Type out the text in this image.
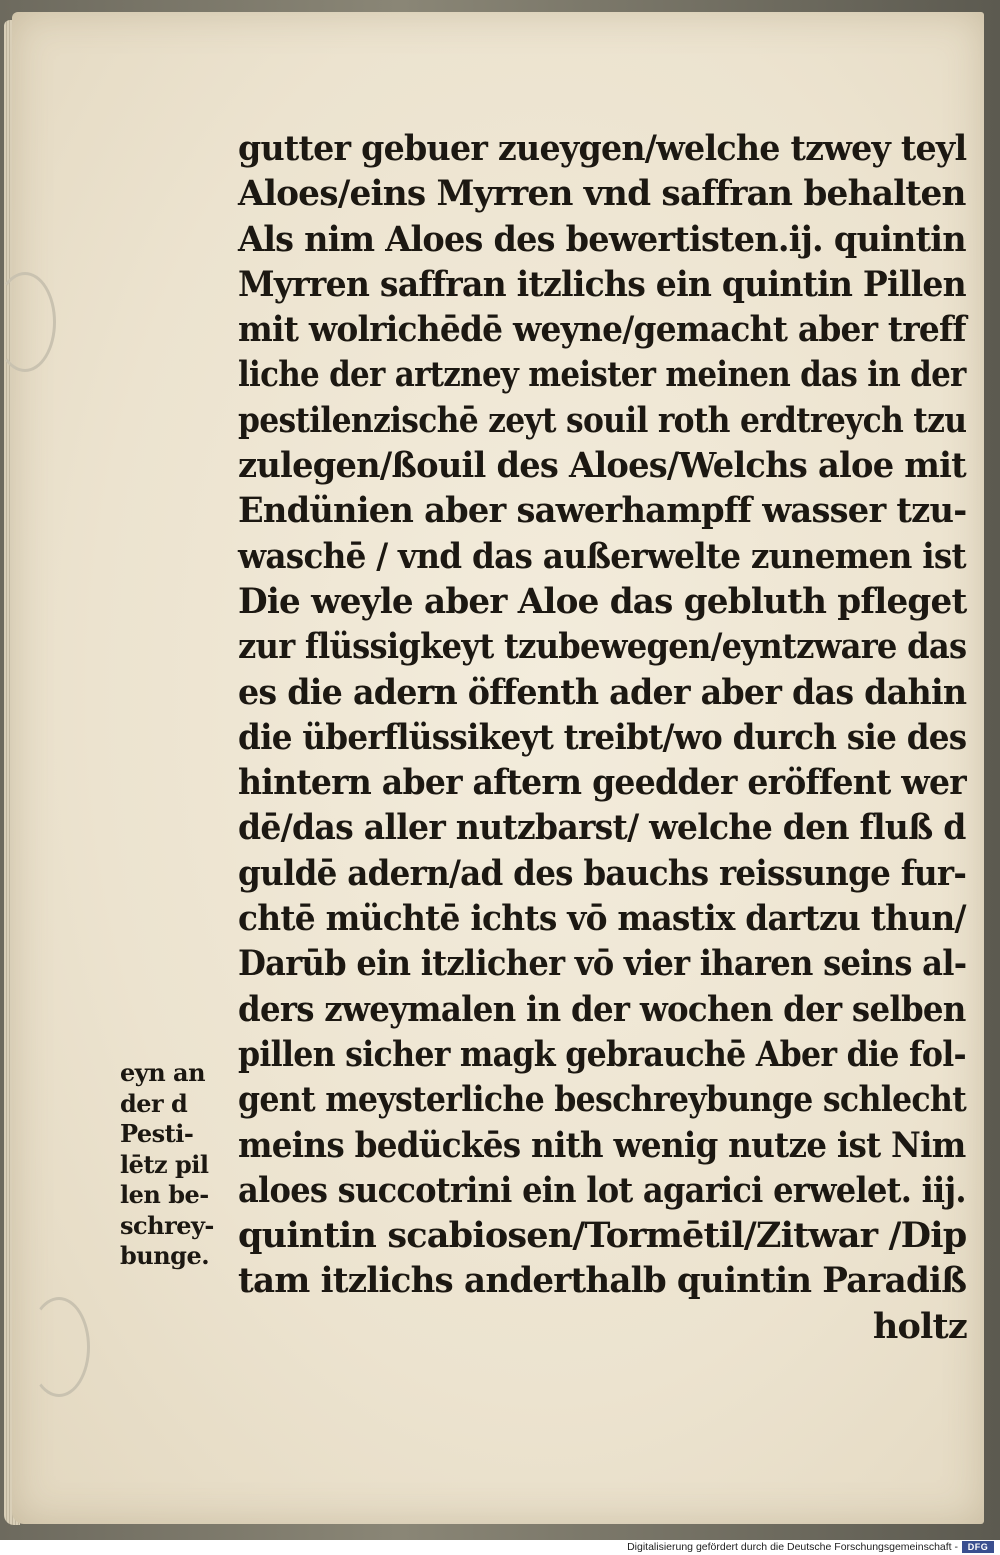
gutter gebuer zueygen/welche tzwey teyl
Aloes/eins Myrren vnd saffran behalten
Als nim Aloes des bewertisten.ij. quintin
Myrren saffran itzlichs ein quintin Pillen
mit wolrichēdē weyne/gemacht aber treff
liche der artzney meister meinen das in der
pestilenzischē zeyt souil roth erdtreych tzu
zulegen/ßouil des Aloes/Welchs aloe mit
Endünien aber sawerhampff wasser tzu-
waschē / vnd das außerwelte zunemen ist
Die weyle aber Aloe das gebluth pfleget
zur flüssigkeyt tzubewegen/eyntzware das
es die adern öffenth ader aber das dahin
die überflüssikeyt treibt/wo durch sie des
hintern aber aftern geedder eröffent wer
dē/das aller nutzbarst/ welche den fluß d
guldē adern/ad des bauchs reissunge fur-
chtē müchtē ichts vō mastix dartzu thun/
Darūb ein itzlicher vō vier iharen seins al-
ders zweymalen in der wochen der selben
pillen sicher magk gebrauchē Aber die fol-
gent meysterliche beschreybunge schlecht
meins bedückēs nith wenig nutze ist Nim
aloes succotrini ein lot agarici erwelet. iij.
quintin scabiosen/Tormētil/Zitwar /Dip
tam itzlichs anderthalb quintin Paradiß
holtz
eyn an
der d
Pesti-
lētz pil
len be-
schrey-
bunge.
Digitalisierung gefördert durch die Deutsche Forschungsgemeinschaft -	DFG
